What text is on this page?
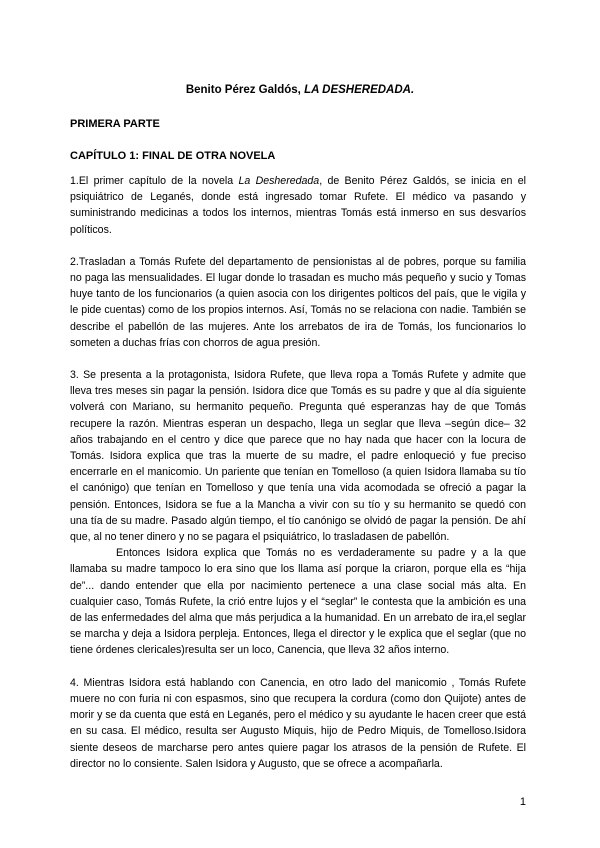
Benito Pérez Galdós, LA DESHEREDADA.
PRIMERA PARTE
CAPÍTULO 1: FINAL DE OTRA NOVELA

1.El primer capítulo de la novela La Desheredada, de Benito Pérez Galdós, se inicia en el psiquiátrico de Leganés, donde está ingresado tomar Rufete. El médico va pasando y suministrando medicinas a todos los internos, mientras Tomás está inmerso en sus desvaríos políticos.

2.Trasladan a Tomás Rufete del departamento de pensionistas al de pobres, porque su familia no paga las mensualidades. El lugar donde lo trasadan es mucho más pequeño y sucio y Tomas huye tanto de los funcionarios (a quien asocia con los dirigentes polticos del país, que le vigila y le pide cuentas) como de los propios internos. Así, Tomás no se relaciona con nadie. También se describe el pabellón de las mujeres. Ante los arrebatos de ira de Tomás, los funcionarios lo someten a duchas frías con chorros de agua presión.

3. Se presenta a la protagonista, Isidora Rufete, que lleva ropa a Tomás Rufete y admite que lleva tres meses sin pagar la pensión. Isidora dice que Tomás es su padre y que al día siguiente volverá con Mariano, su hermanito pequeño. Pregunta qué esperanzas hay de que Tomás recupere la razón. Mientras esperan un despacho, llega un seglar que lleva –según dice– 32 años trabajando en el centro y dice que parece que no hay nada que hacer con la locura de Tomás. Isidora explica que tras la muerte de su madre, el padre enloqueció y fue preciso encerrarle en el manicomio. Un pariente que tenían en Tomelloso (a quien Isidora llamaba su tío el canónigo) que tenían en Tomelloso y que tenía una vida acomodada se ofreció a pagar la pensión. Entonces, Isidora se fue a la Mancha a vivir con su tío y su hermanito se quedó con una tía de su madre. Pasado algún tiempo, el tío canónigo se olvidó de pagar la pensión. De ahí que, al no tener dinero y no se pagara el psiquiátrico, lo trasladasen de pabellón.

Entonces Isidora explica que Tomás no es verdaderamente su padre y a la que llamaba su madre tampoco lo era sino que los llama así porque la criaron, porque ella es “hija de”... dando entender que ella por nacimiento pertenece a una clase social más alta. En cualquier caso, Tomás Rufete, la crió entre lujos y el “seglar” le contesta que la ambición es una de las enfermedades del alma que más perjudica a la humanidad. En un arrebato de ira,el seglar se marcha y deja a Isidora perpleja. Entonces, llega el director y le explica que el seglar (que no tiene órdenes clericales)resulta ser un loco, Canencia, que lleva 32 años interno.

4. Mientras Isidora está hablando con Canencia, en otro lado del manicomio , Tomás Rufete muere no con furia ni con espasmos, sino que recupera la cordura (como don Quijote) antes de morir y se da cuenta que está en Leganés, pero el médico y su ayudante le hacen creer que está en su casa. El médico, resulta ser Augusto Miquis, hijo de Pedro Miquis, de Tomelloso.Isidora siente deseos de marcharse pero antes quiere pagar los atrasos de la pensión de Rufete. El director no lo consiente. Salen Isidora y Augusto, que se ofrece a acompañarla.

1
